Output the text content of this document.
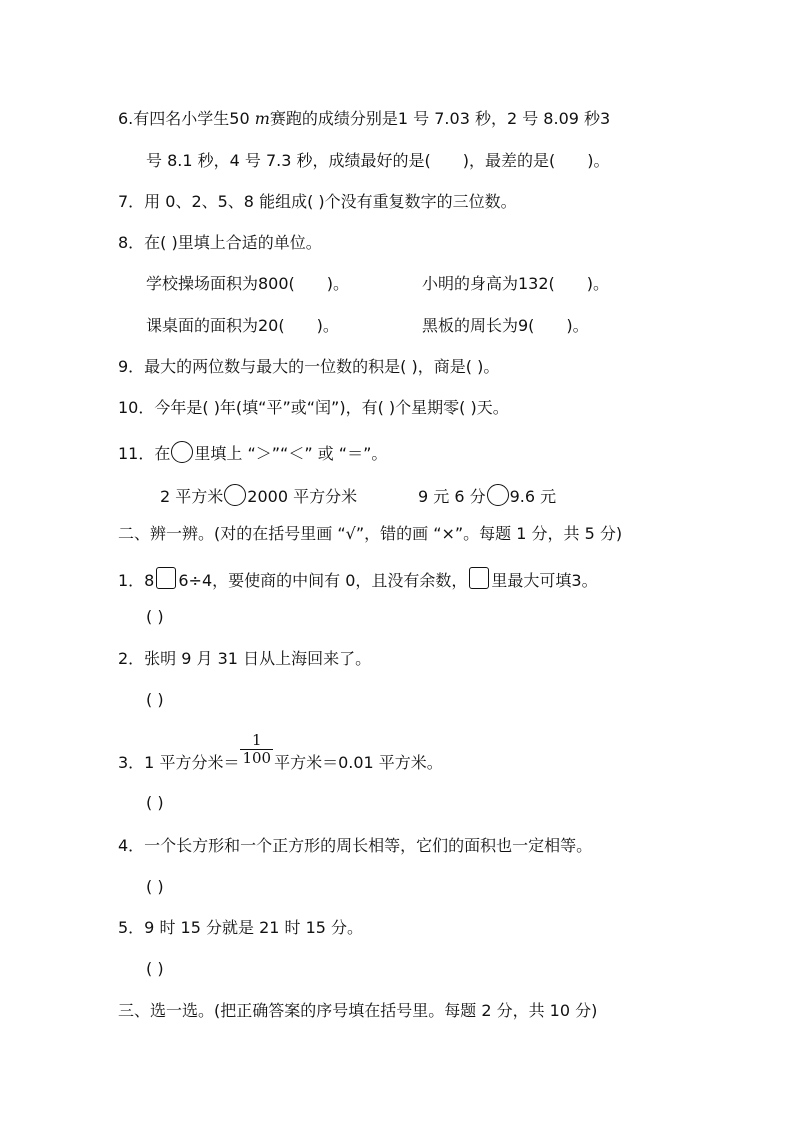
6.有四名小学生50 m赛跑的成绩分别是1 号 7.03 秒，2 号 8.09 秒3
号 8.1 秒，4 号 7.3 秒，成绩最好的是(　　)，最差的是(　　)。
7．用 0、2、5、8 能组成( )个没有重复数字的三位数。
8．在( )里填上合适的单位。
学校操场面积为800(　　)。	小明的身高为132(　　)。
课桌面的面积为20(　　)。	黑板的周长为9(　　)。
9．最大的两位数与最大的一位数的积是( )，商是( )。
10．今年是( )年(填“平”或“闰”)，有( )个星期零( )天。
11．在 里填上 “＞”“＜” 或 “＝”。
2 平方米 2000 平方分米	9 元 6 分 9.6 元
二、辨一辨。(对的在括号里画 “√”，错的画 “×”。每题 1 分，共 5 分)
1．8 6÷4，要使商的中间有 0，且没有余数， 里最大可填3。
( )
2．张明 9 月 31 日从上海回来了。
( )
3．1 平方分米＝ $\frac{1}{100}$ 平方米＝0.01 平方米。
( )
4．一个长方形和一个正方形的周长相等，它们的面积也一定相等。
( )
5．9 时 15 分就是 21 时 15 分。
( )
三、选一选。(把正确答案的序号填在括号里。每题 2 分，共 10 分)
